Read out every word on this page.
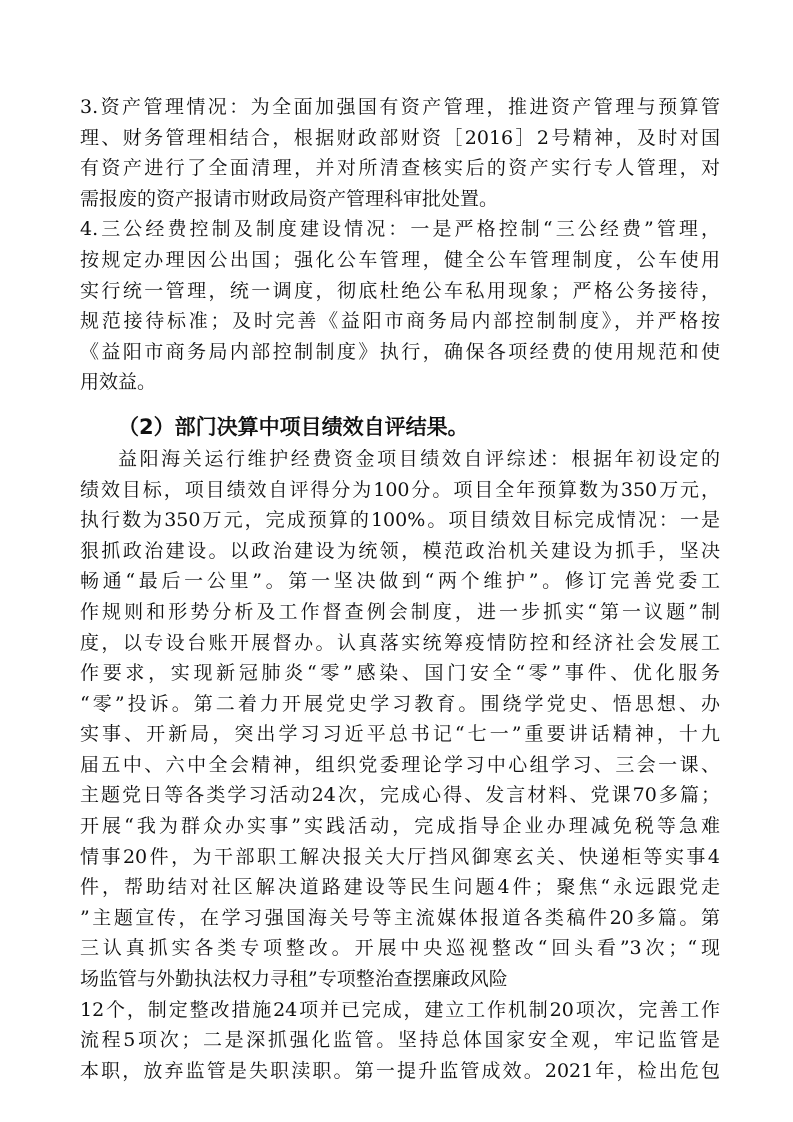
3.资产管理情况：为全面加强国有资产管理，推进资产管理与预算管
理、财务管理相结合，根据财政部财资［2016］2号精神，及时对国
有资产进行了全面清理，并对所清查核实后的资产实行专人管理，对
需报废的资产报请市财政局资产管理科审批处置。
4.三公经费控制及制度建设情况：一是严格控制“三公经费”管理，
按规定办理因公出国；强化公车管理，健全公车管理制度，公车使用
实行统一管理，统一调度，彻底杜绝公车私用现象；严格公务接待，
规范接待标准；及时完善《益阳市商务局内部控制制度》，并严格按
《益阳市商务局内部控制制度》执行，确保各项经费的使用规范和使
用效益。
（2）部门决算中项目绩效自评结果。
益阳海关运行维护经费资金项目绩效自评综述：根据年初设定的
绩效目标，项目绩效自评得分为100分。项目全年预算数为350万元，
执行数为350万元，完成预算的100%。项目绩效目标完成情况：一是
狠抓政治建设。以政治建设为统领，模范政治机关建设为抓手，坚决
畅通“最后一公里”。第一坚决做到“两个维护”。修订完善党委工
作规则和形势分析及工作督查例会制度，进一步抓实“第一议题”制
度，以专设台账开展督办。认真落实统筹疫情防控和经济社会发展工
作要求，实现新冠肺炎“零”感染、国门安全“零”事件、优化服务
“零”投诉。第二着力开展党史学习教育。围绕学党史、悟思想、办
实事、开新局，突出学习习近平总书记“七一”重要讲话精神，十九
届五中、六中全会精神，组织党委理论学习中心组学习、三会一课、
主题党日等各类学习活动24次，完成心得、发言材料、党课70多篇；
开展“我为群众办实事”实践活动，完成指导企业办理减免税等急难
情事20件，为干部职工解决报关大厅挡风御寒玄关、快递柜等实事4
件，帮助结对社区解决道路建设等民生问题4件；聚焦“永远跟党走
”主题宣传，在学习强国海关号等主流媒体报道各类稿件20多篇。第
三认真抓实各类专项整改。开展中央巡视整改“回头看”3次；“现
场监管与外勤执法权力寻租”专项整治查摆廉政风险
12个，制定整改措施24项并已完成，建立工作机制20项次，完善工作
流程5项次；二是深抓强化监管。坚持总体国家安全观，牢记监管是
本职，放弃监管是失职渎职。第一提升监管成效。2021年，检出危包
